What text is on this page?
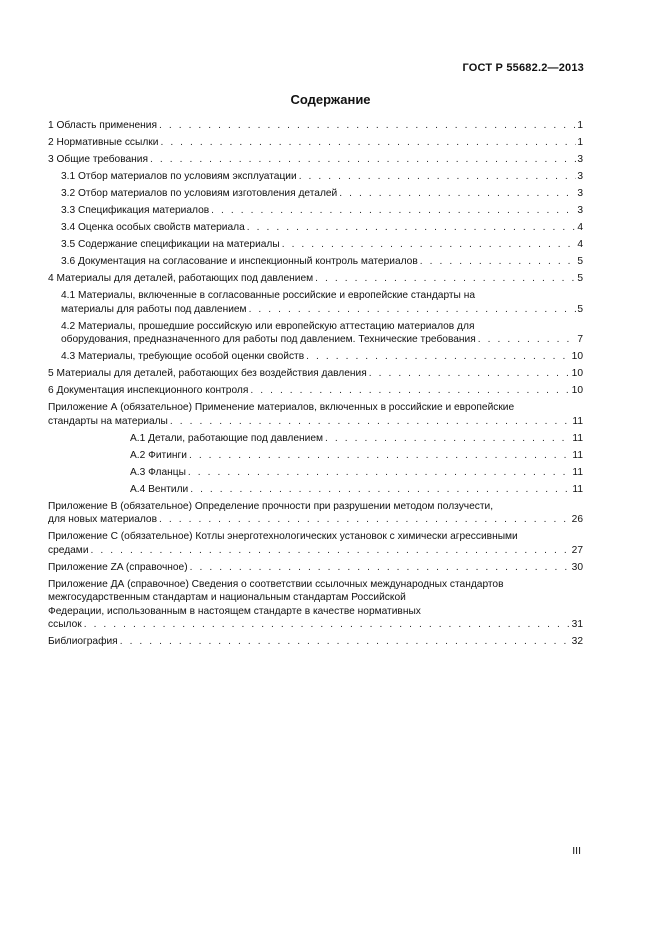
ГОСТ Р 55682.2—2013
Содержание
1 Область применения . . .	1
2 Нормативные ссылки . . .	1
3 Общие требования . . .	3
3.1 Отбор материалов по условиям эксплуатации . . .	3
3.2 Отбор материалов по условиям изготовления деталей . . .	3
3.3 Спецификация материалов . . .	3
3.4 Оценка особых свойств материала . . .	4
3.5 Содержание спецификации на материалы . . .	4
3.6 Документация на согласование и инспекционный контроль материалов . . .	5
4 Материалы для деталей, работающих под давлением . . .	5
4.1 Материалы, включенные в согласованные российские и европейские стандарты на
материалы для работы под давлением . . .	5
4.2 Материалы, прошедшие российскую или европейскую аттестацию материалов для
оборудования, предназначенного для работы под давлением. Технические требования . . .	7
4.3 Материалы, требующие особой оценки свойств . . .	10
5 Материалы для деталей, работающих без воздействия давления . . .	10
6 Документация инспекционного контроля . . .	10
Приложение А (обязательное) Применение материалов, включенных в российские и европейские
стандарты на материалы . . .	11
А.1 Детали, работающие под давлением . . .	11
А.2 Фитинги . . .	11
А.3 Фланцы . . .	11
А.4 Вентили . . .	11
Приложение В (обязательное) Определение прочности при разрушении методом ползучести,
для новых материалов . . .	26
Приложение С (обязательное) Котлы энерготехнологических установок с химически агрессивными
средами . . .	27
Приложение ZA (справочное) . . .	30
Приложение ДА (справочное) Сведения о соответствии ссылочных международных стандартов
межгосударственным стандартам и национальным стандартам Российской
Федерации, использованным в настоящем стандарте в качестве нормативных
ссылок . . .	31
Библиография . . .	32
III
